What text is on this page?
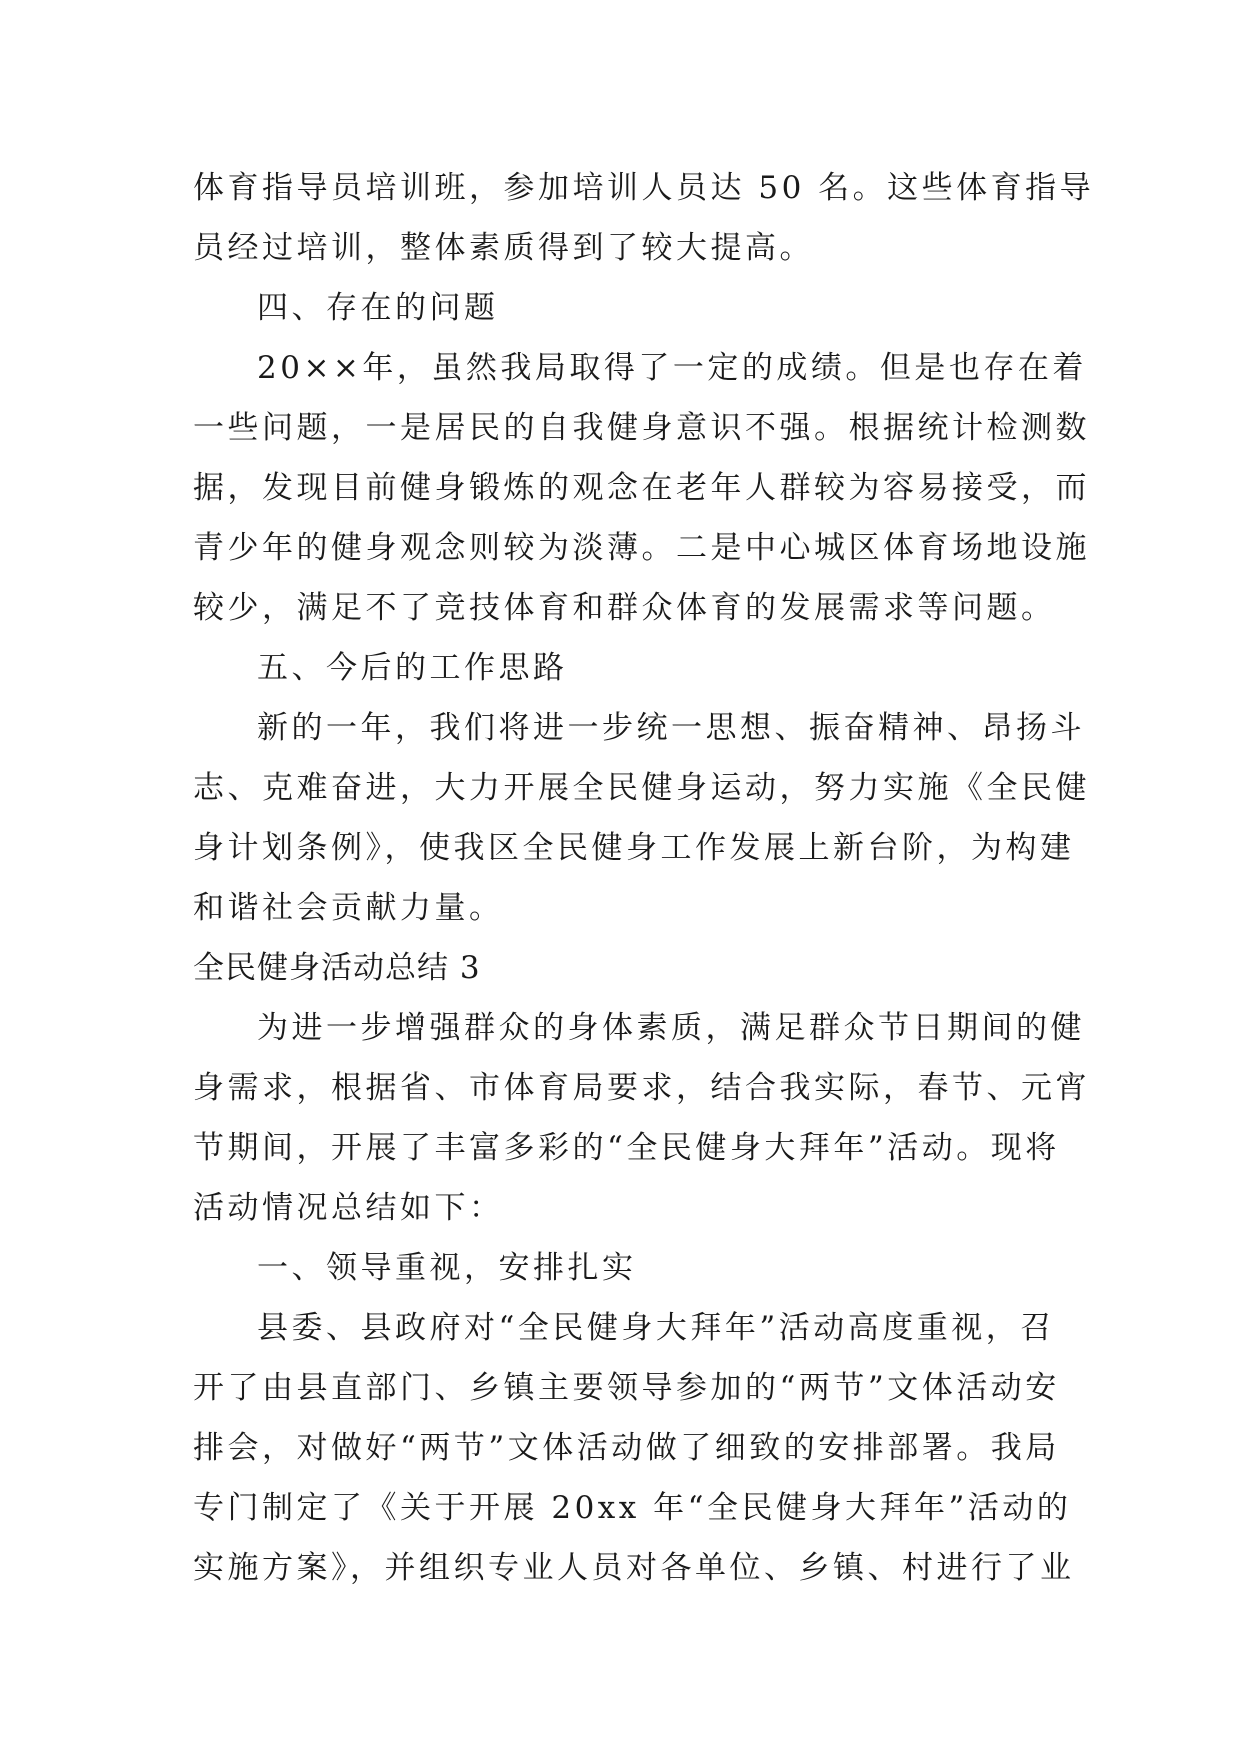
体育指导员培训班，参加培训人员达 50 名。这些体育指导
员经过培训，整体素质得到了较大提高。
四、存在的问题
20××年，虽然我局取得了一定的成绩。但是也存在着
一些问题，一是居民的自我健身意识不强。根据统计检测数
据，发现目前健身锻炼的观念在老年人群较为容易接受，而
青少年的健身观念则较为淡薄。二是中心城区体育场地设施
较少，满足不了竞技体育和群众体育的发展需求等问题。
五、今后的工作思路
新的一年，我们将进一步统一思想、振奋精神、昂扬斗
志、克难奋进，大力开展全民健身运动，努力实施《全民健
身计划条例》，使我区全民健身工作发展上新台阶，为构建
和谐社会贡献力量。
全民健身活动总结 3
为进一步增强群众的身体素质，满足群众节日期间的健
身需求，根据省、市体育局要求，结合我实际，春节、元宵
节期间，开展了丰富多彩的“全民健身大拜年”活动。现将
活动情况总结如下：
一、领导重视，安排扎实
县委、县政府对“全民健身大拜年”活动高度重视，召
开了由县直部门、乡镇主要领导参加的“两节”文体活动安
排会，对做好“两节”文体活动做了细致的安排部署。我局
专门制定了《关于开展 20xx 年“全民健身大拜年”活动的
实施方案》，并组织专业人员对各单位、乡镇、村进行了业
